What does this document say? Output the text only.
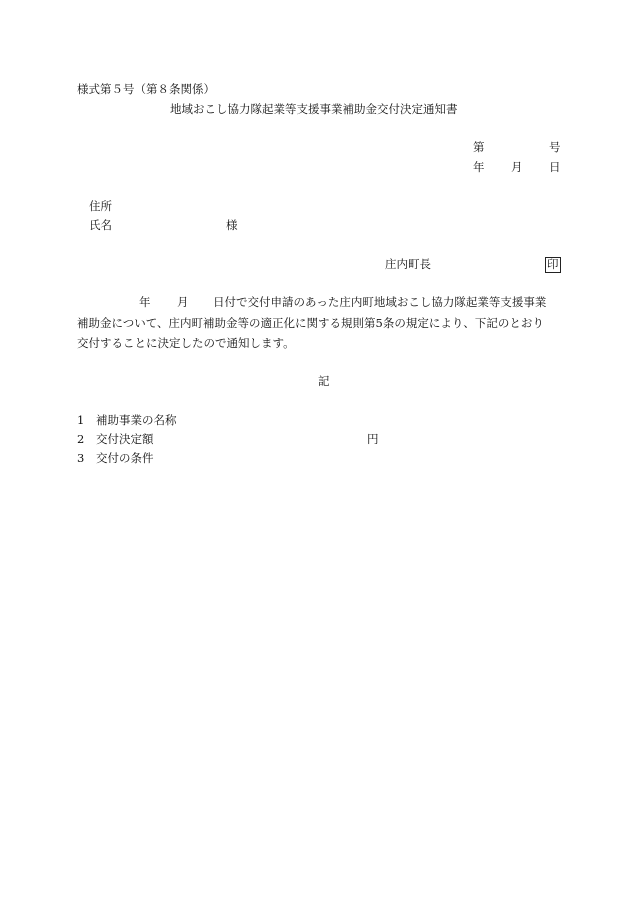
様式第５号（第８条関係）
地域おこし協力隊起業等支援事業補助金交付決定通知書
第	号
年 月 日
住所
氏名	様
庄内町長	印
年 月 日付で交付申請のあった庄内町地域おこし協力隊起業等支援事業
補助金について、庄内町補助金等の適正化に関する規則第5条の規定により、下記のとおり
交付することに決定したので通知します。
記
1 補助事業の名称
2 交付決定額	円
3 交付の条件
